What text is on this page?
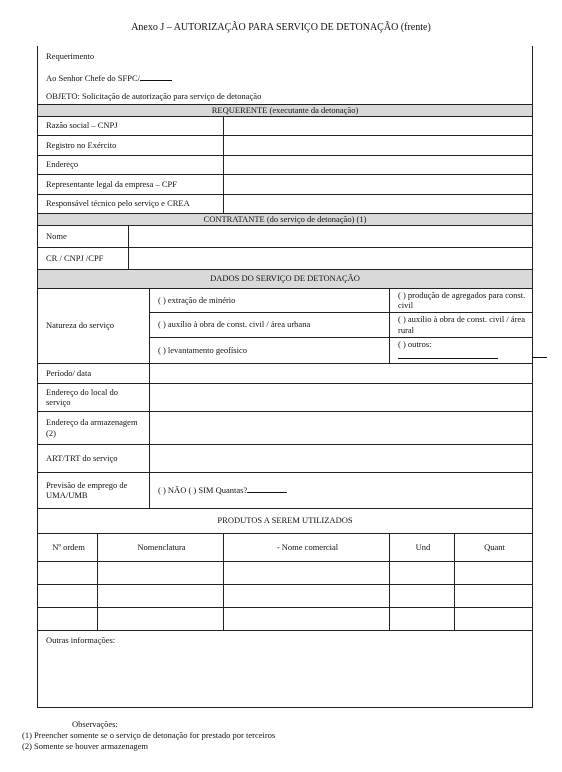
Anexo J – AUTORIZAÇÃO PARA SERVIÇO DE DETONAÇÃO (frente)
Requerimento						
Ao Senhor Chefe do SFPC/						
OBJETO: Solicitação de autorização para serviço de detonação						
REQUERENTE (executante da detonação)						
Razão social – CNPJ						
Registro no Exército						
Endereço						
Representante legal da empresa – CPF						
Responsável técnico pelo serviço e CREA						
CONTRATANTE (do serviço de detonação) (1)						
Nome						
CR / CNPJ /CPF						
DADOS DO SERVIÇO DE DETONAÇÃO						
Natureza do serviço			( ) extração de minério		( ) produção de agregados para const. civil	
			( ) auxílio à obra de const. civil / área urbana		( ) auxílio à obra de const. civil / área rural	
			( ) levantamento geofísico		( ) outros:	
Período/ data						
Endereço do local do serviço						
Endereço da armazenagem (2)						
ART/TRT do serviço						
Previsão de emprego de UMA/UMB			( ) NÃO ( ) SIM Quantas?			
PRODUTOS A SEREM UTILIZADOS						
Nº ordem	Nomenclatura			- Nome comercial	Und	Quant

Outras informações:						
Observações:
(1) Preencher somente se o serviço de detonação for prestado por terceiros
(2) Somente se houver armazenagem
